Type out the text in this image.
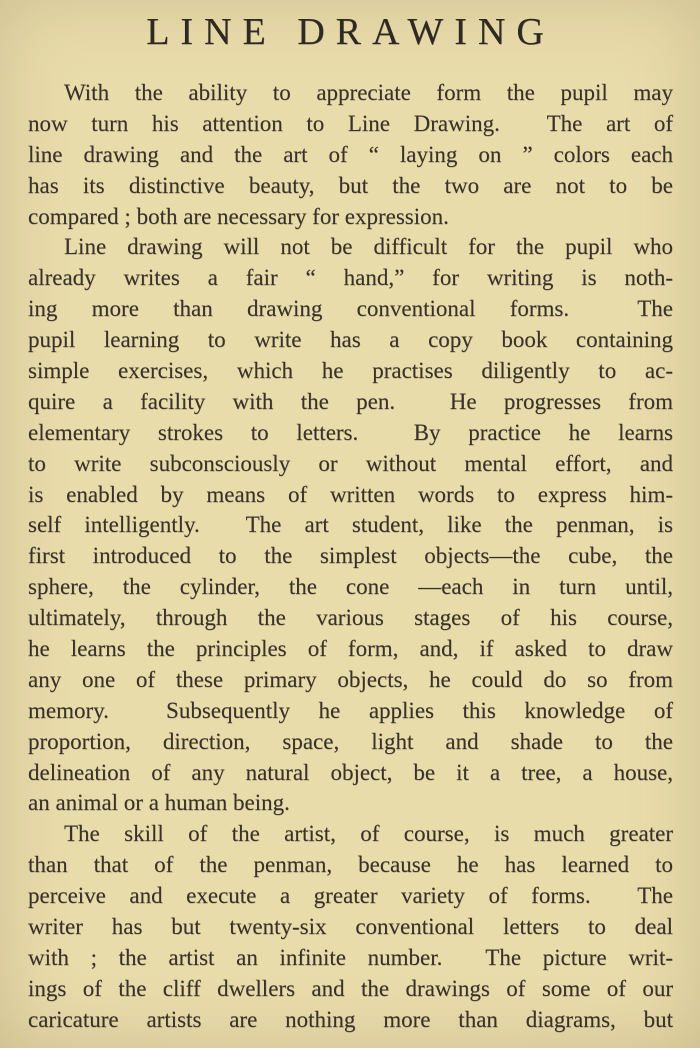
LINE DRAWING
With the ability to appreciate form the pupil may
now turn his attention to Line Drawing.  The art of
line drawing and the art of “ laying on ” colors each
has its distinctive beauty, but the two are not to be
compared ; both are necessary for expression.
Line drawing will not be difficult for the pupil who
already writes a fair “ hand,” for writing is noth-
ing more than drawing conventional forms.  The
pupil learning to write has a copy book containing
simple exercises, which he practises diligently to ac-
quire a facility with the pen.  He progresses from
elementary strokes to letters.  By practice he learns
to write subconsciously or without mental effort, and
is enabled by means of written words to express him-
self intelligently.  The art student, like the penman, is
first introduced to the simplest objects—the cube, the
sphere, the cylinder, the cone —each in turn until,
ultimately, through the various stages of his course,
he learns the principles of form, and, if asked to draw
any one of these primary objects, he could do so from
memory.  Subsequently he applies this knowledge of
proportion, direction, space, light and shade to the
delineation of any natural object, be it a tree, a house,
an animal or a human being.
The skill of the artist, of course, is much greater
than that of the penman, because he has learned to
perceive and execute a greater variety of forms.  The
writer has but twenty-six conventional letters to deal
with ; the artist an infinite number.  The picture writ-
ings of the cliff dwellers and the drawings of some of our
caricature artists are nothing more than diagrams, but
